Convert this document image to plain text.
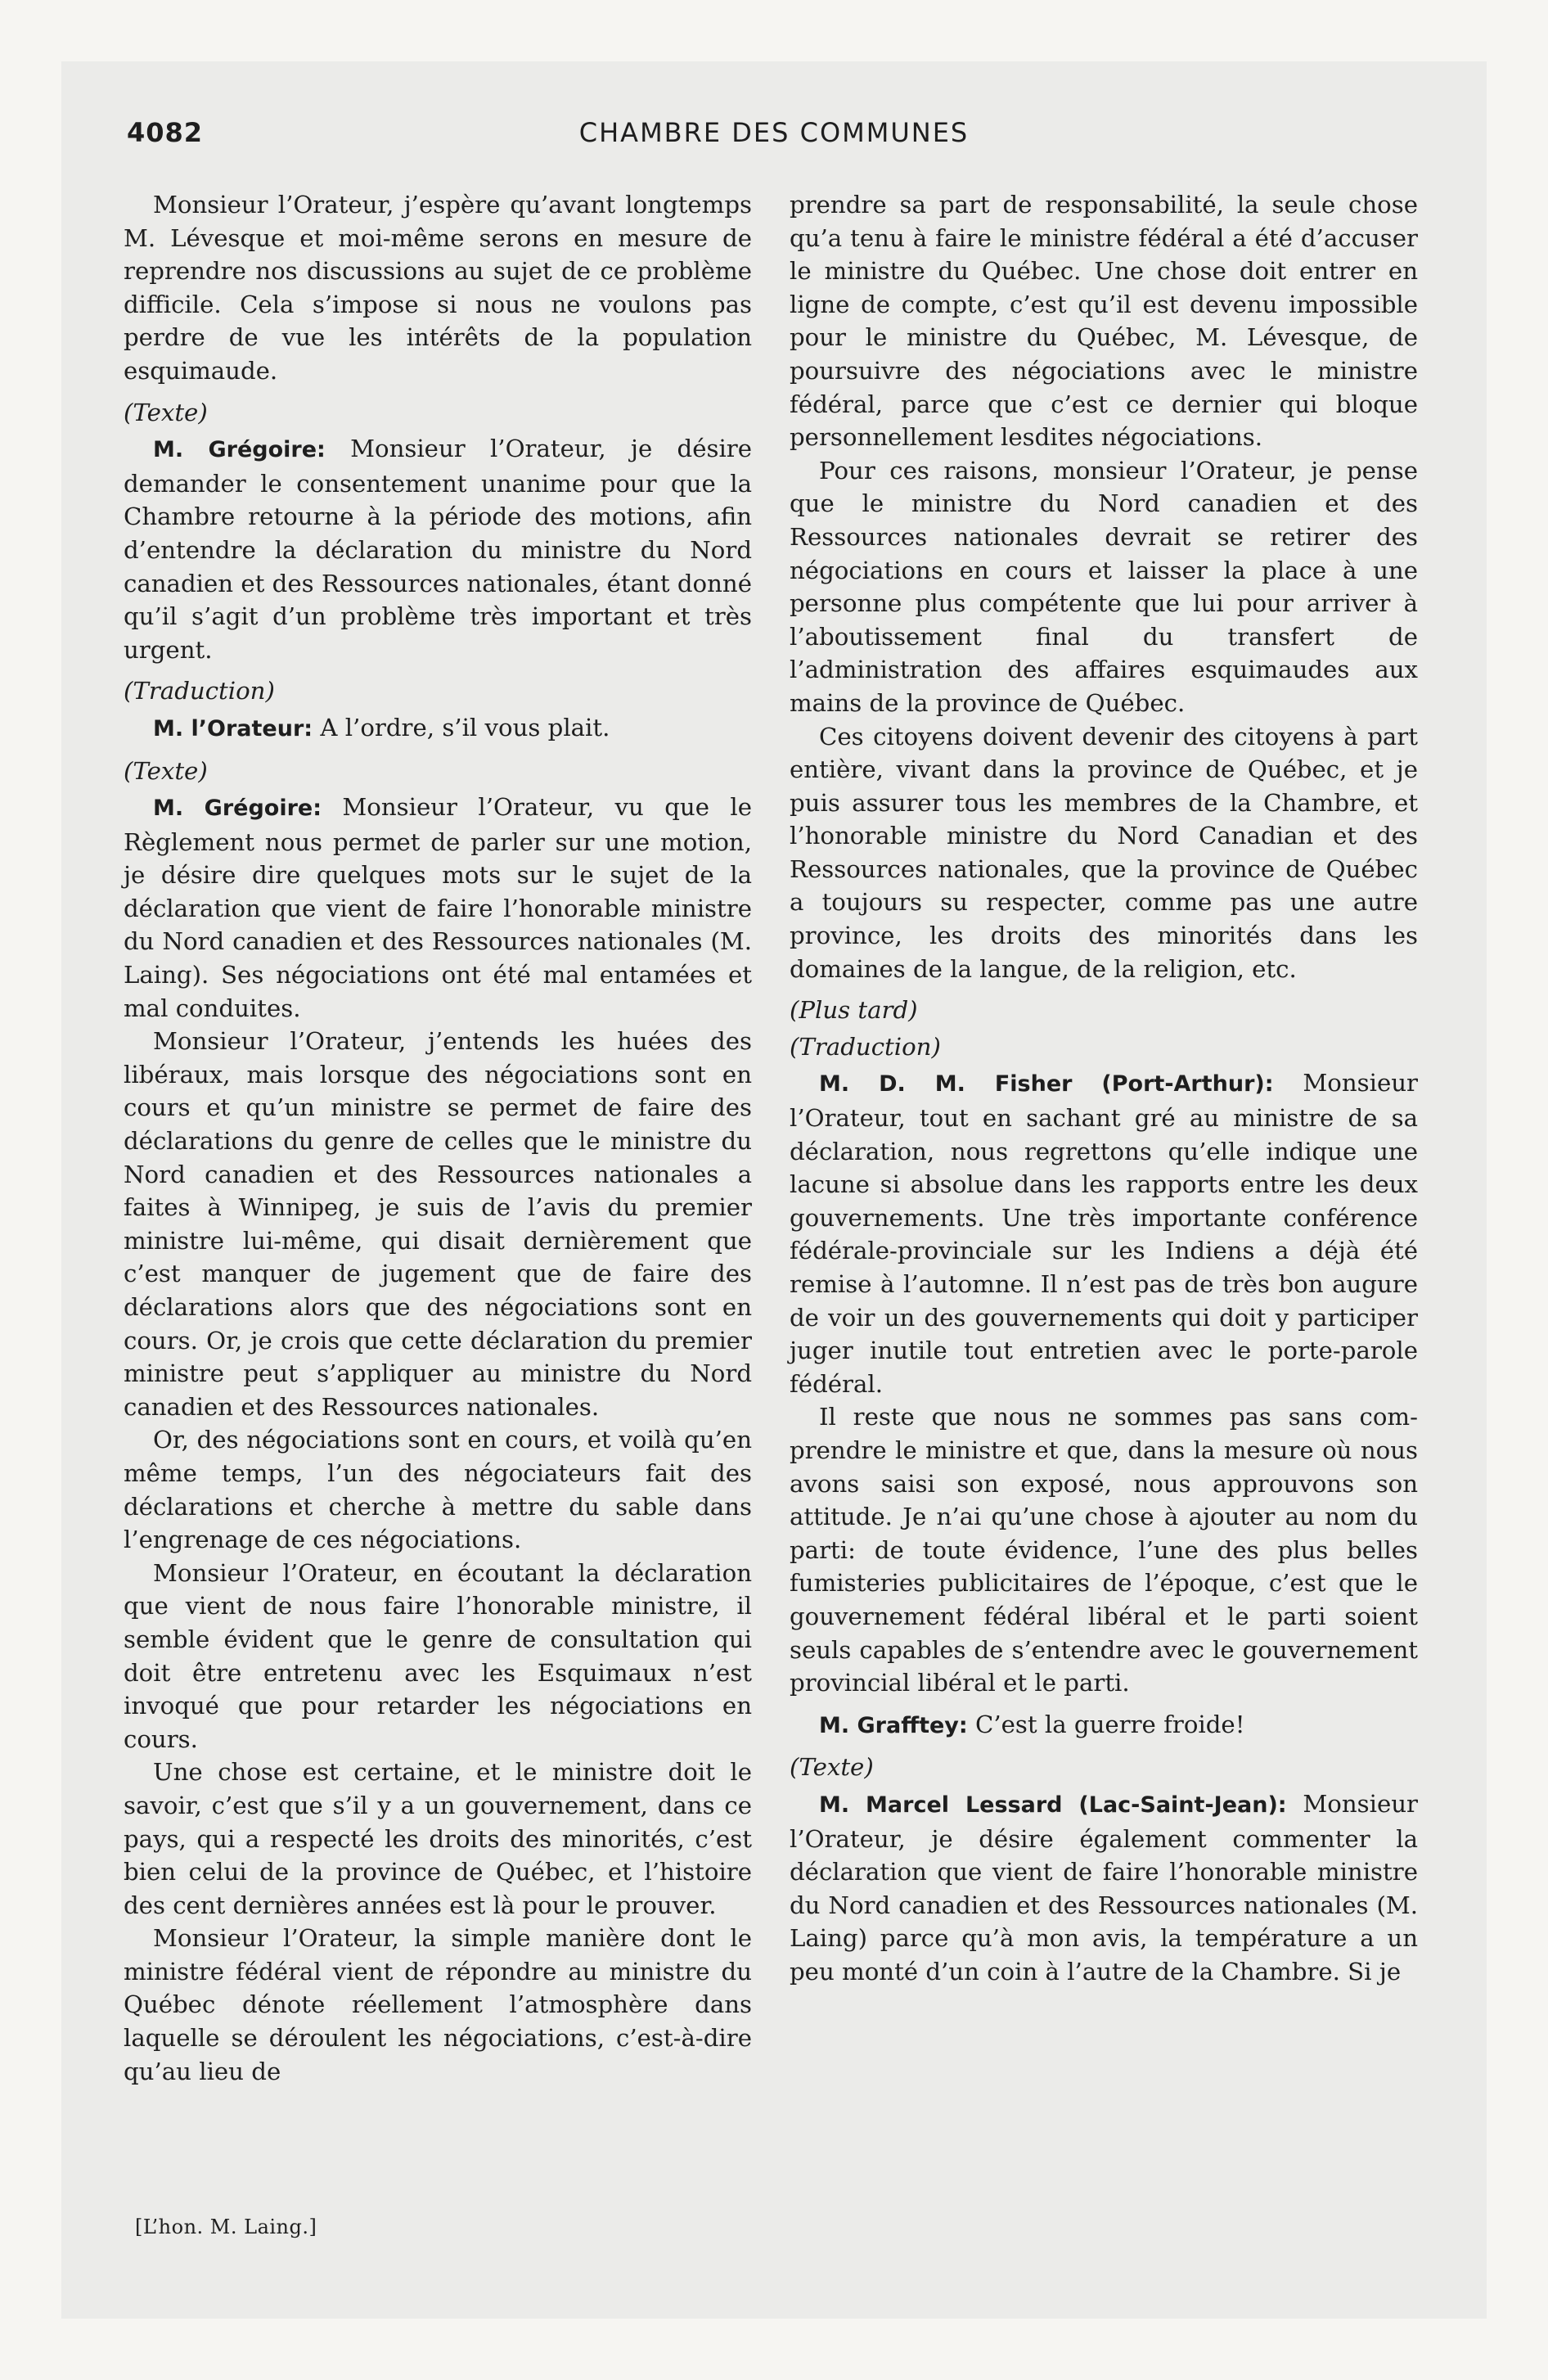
4082	CHAMBRE DES COMMUNES

Monsieur l’Orateur, j’espère qu’avant longtemps M. Lévesque et moi-même serons en mesure de reprendre nos discussions au sujet de ce problème difficile. Cela s’impose si nous ne voulons pas perdre de vue les intérêts de la population esquimaude.

(Texte)

M. Grégoire: Monsieur l’Orateur, je désire demander le consentement unanime pour que la Chambre retourne à la période des motions, afin d’entendre la déclaration du ministre du Nord canadien et des Ressources nationales, étant donné qu’il s’agit d’un problème très important et très urgent.

(Traduction)

M. l’Orateur: A l’ordre, s’il vous plait.

(Texte)

M. Grégoire: Monsieur l’Orateur, vu que le Règlement nous permet de parler sur une motion, je désire dire quelques mots sur le sujet de la déclaration que vient de faire l’honorable ministre du Nord canadien et des Ressources nationales (M. Laing). Ses négociations ont été mal entamées et mal conduites.

Monsieur l’Orateur, j’entends les huées des libéraux, mais lorsque des négociations sont en cours et qu’un ministre se permet de faire des déclarations du genre de celles que le ministre du Nord canadien et des Ressources nationales a faites à Winnipeg, je suis de l’avis du premier ministre lui-même, qui disait dernièrement que c’est manquer de jugement que de faire des déclarations alors que des négociations sont en cours. Or, je crois que cette déclaration du premier ministre peut s’appliquer au ministre du Nord canadien et des Ressources nationales.

Or, des négociations sont en cours, et voilà qu’en même temps, l’un des négociateurs fait des déclarations et cherche à mettre du sable dans l’engrenage de ces négociations.

Monsieur l’Orateur, en écoutant la déclaration que vient de nous faire l’honorable ministre, il semble évident que le genre de consultation qui doit être entretenu avec les Esquimaux n’est invoqué que pour retarder les négociations en cours.

Une chose est certaine, et le ministre doit le savoir, c’est que s’il y a un gouvernement, dans ce pays, qui a respecté les droits des minorités, c’est bien celui de la province de Québec, et l’histoire des cent dernières années est là pour le prouver.

Monsieur l’Orateur, la simple manière dont le ministre fédéral vient de répondre au ministre du Québec dénote réellement l’atmosphère dans laquelle se déroulent les négociations, c’est-à-dire qu’au lieu de

prendre sa part de responsabilité, la seule chose qu’a tenu à faire le ministre fédéral a été d’accuser le ministre du Québec. Une chose doit entrer en ligne de compte, c’est qu’il est devenu impossible pour le ministre du Québec, M. Lévesque, de poursuivre des négociations avec le ministre fédéral, parce que c’est ce dernier qui bloque personnellement lesdites négociations.

Pour ces raisons, monsieur l’Orateur, je pense que le ministre du Nord canadien et des Ressources nationales devrait se retirer des négociations en cours et laisser la place à une personne plus compétente que lui pour arriver à l’aboutissement final du transfert de l’administration des affaires esquimaudes aux mains de la province de Québec.

Ces citoyens doivent devenir des citoyens à part entière, vivant dans la province de Québec, et je puis assurer tous les membres de la Chambre, et l’honorable ministre du Nord Canadian et des Ressources nationales, que la province de Québec a toujours su respecter, comme pas une autre province, les droits des minorités dans les domaines de la langue, de la religion, etc.

(Plus tard)

(Traduction)

M. D. M. Fisher (Port-Arthur): Monsieur l’Orateur, tout en sachant gré au ministre de sa déclaration, nous regrettons qu’elle indique une lacune si absolue dans les rapports entre les deux gouvernements. Une très importante conférence fédérale-provinciale sur les Indiens a déjà été remise à l’automne. Il n’est pas de très bon augure de voir un des gouvernements qui doit y participer juger inutile tout entretien avec le porte-parole fédéral.

Il reste que nous ne sommes pas sans comprendre le ministre et que, dans la mesure où nous avons saisi son exposé, nous approuvons son attitude. Je n’ai qu’une chose à ajouter au nom du parti: de toute évidence, l’une des plus belles fumisteries publicitaires de l’époque, c’est que le gouvernement fédéral libéral et le parti soient seuls capables de s’entendre avec le gouvernement provincial libéral et le parti.

M. Grafftey: C’est la guerre froide!

(Texte)

M. Marcel Lessard (Lac-Saint-Jean): Monsieur l’Orateur, je désire également commenter la déclaration que vient de faire l’honorable ministre du Nord canadien et des Ressources nationales (M. Laing) parce qu’à mon avis, la température a un peu monté d’un coin à l’autre de la Chambre. Si je

[L’hon. M. Laing.]
